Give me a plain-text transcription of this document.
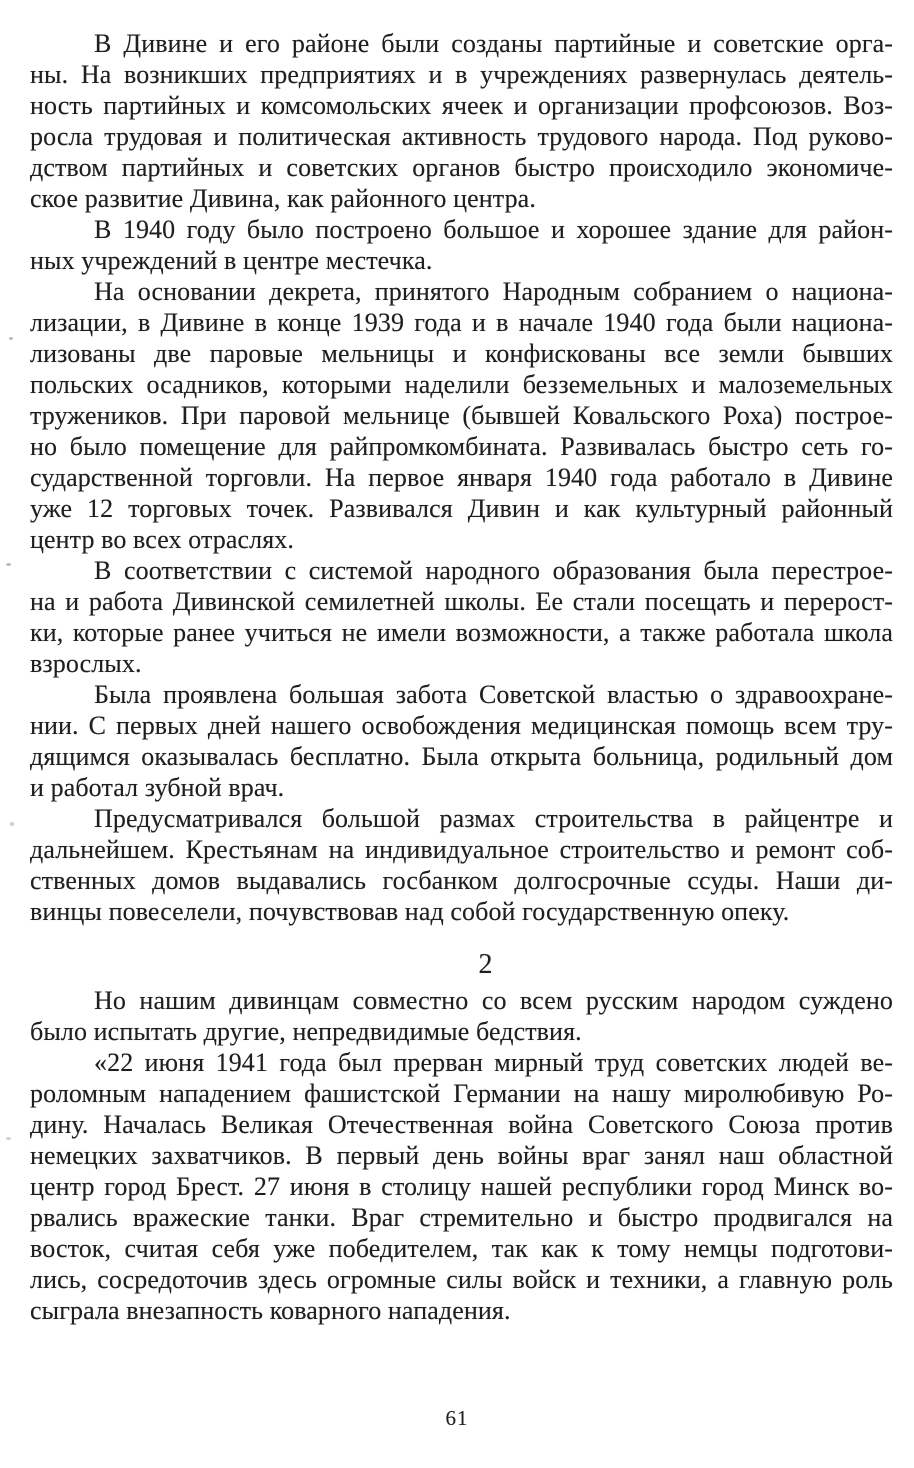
В Дивине и его районе были созданы партийные и советские орга-
ны. На возникших предприятиях и в учреждениях развернулась деятель-
ность партийных и комсомольских ячеек и организации профсоюзов. Воз-
росла трудовая и политическая активность трудового народа. Под руково-
дством партийных и советских органов быстро происходило экономиче-
ское развитие Дивина, как районного центра.
В 1940 году было построено большое и хорошее здание для район-
ных учреждений в центре местечка.
На основании декрета, принятого Народным собранием о национа-
лизации, в Дивине в конце 1939 года и в начале 1940 года были национа-
лизованы две паровые мельницы и конфискованы все земли бывших
польских осадников, которыми наделили безземельных и малоземельных
тружеников. При паровой мельнице (бывшей Ковальского Роха) построе-
но было помещение для райпромкомбината. Развивалась быстро сеть го-
сударственной торговли. На первое января 1940 года работало в Дивине
уже 12 торговых точек. Развивался Дивин и как культурный районный
центр во всех отраслях.
В соответствии с системой народного образования была перестрое-
на и работа Дивинской семилетней школы. Ее стали посещать и перерост-
ки, которые ранее учиться не имели возможности, а также работала школа
взрослых.
Была проявлена большая забота Советской властью о здравоохране-
нии. С первых дней нашего освобождения медицинская помощь всем тру-
дящимся оказывалась бесплатно. Была открыта больница, родильный дом
и работал зубной врач.
Предусматривался большой размах строительства в райцентре и
дальнейшем. Крестьянам на индивидуальное строительство и ремонт соб-
ственных домов выдавались госбанком долгосрочные ссуды. Наши ди-
винцы повеселели, почувствовав над собой государственную опеку.
2
Но нашим дивинцам совместно со всем русским народом суждено
было испытать другие, непредвидимые бедствия.
«22 июня 1941 года был прерван мирный труд советских людей ве-
роломным нападением фашистской Германии на нашу миролюбивую Ро-
дину. Началась Великая Отечественная война Советского Союза против
немецких захватчиков. В первый день войны враг занял наш областной
центр город Брест. 27 июня в столицу нашей республики город Минск во-
рвались вражеские танки. Враг стремительно и быстро продвигался на
восток, считая себя уже победителем, так как к тому немцы подготови-
лись, сосредоточив здесь огромные силы войск и техники, а главную роль
сыграла внезапность коварного нападения.
61
